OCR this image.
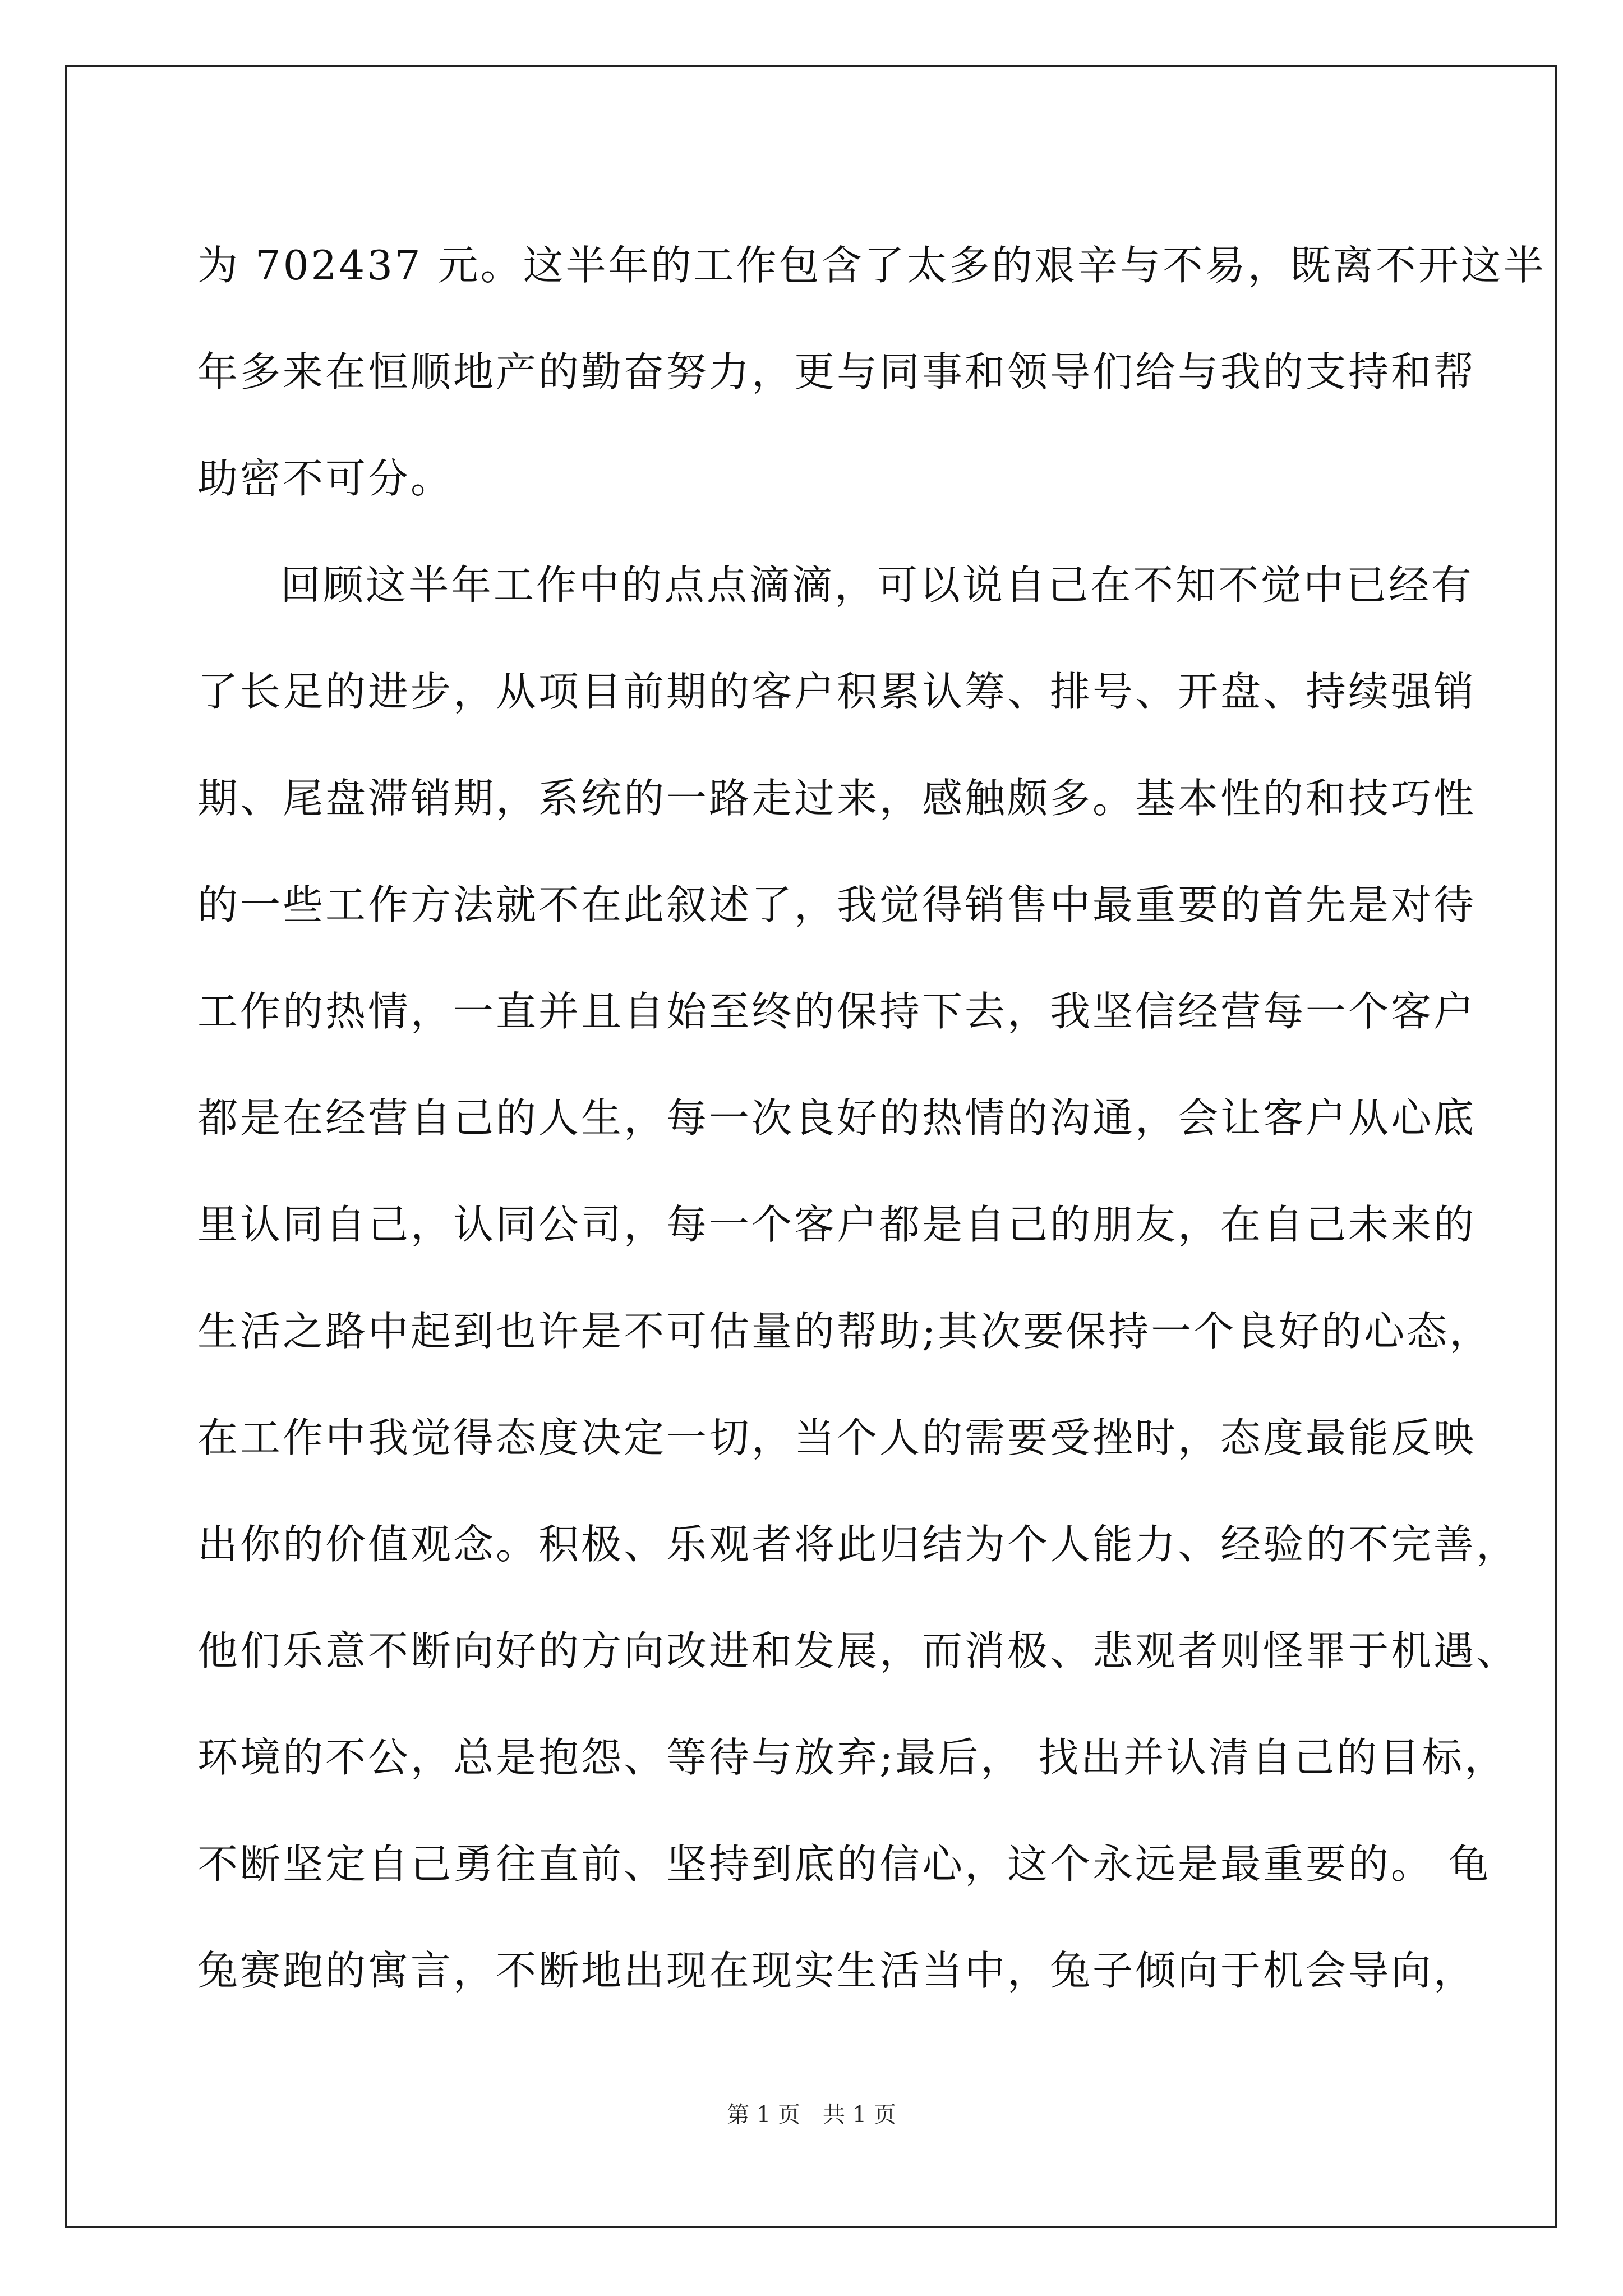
为 702437 元。这半年的工作包含了太多的艰辛与不易，既离不开这半
年多来在恒顺地产的勤奋努力，更与同事和领导们给与我的支持和帮
助密不可分。
回顾这半年工作中的点点滴滴，可以说自己在不知不觉中已经有
了长足的进步，从项目前期的客户积累认筹、排号、开盘、持续强销
期、尾盘滞销期，系统的一路走过来，感触颇多。基本性的和技巧性
的一些工作方法就不在此叙述了，我觉得销售中最重要的首先是对待
工作的热情，一直并且自始至终的保持下去，我坚信经营每一个客户
都是在经营自己的人生，每一次良好的热情的沟通，会让客户从心底
里认同自己，认同公司，每一个客户都是自己的朋友，在自己未来的
生活之路中起到也许是不可估量的帮助;其次要保持一个良好的心态，
在工作中我觉得态度决定一切，当个人的需要受挫时，态度最能反映
出你的价值观念。积极、乐观者将此归结为个人能力、经验的不完善，
他们乐意不断向好的方向改进和发展，而消极、悲观者则怪罪于机遇、
环境的不公，总是抱怨、等待与放弃;最后， 找出并认清自己的目标，
不断坚定自己勇往直前、坚持到底的信心，这个永远是最重要的。 龟
兔赛跑的寓言，不断地出现在现实生活当中，兔子倾向于机会导向，
第 1 页 共 1 页
